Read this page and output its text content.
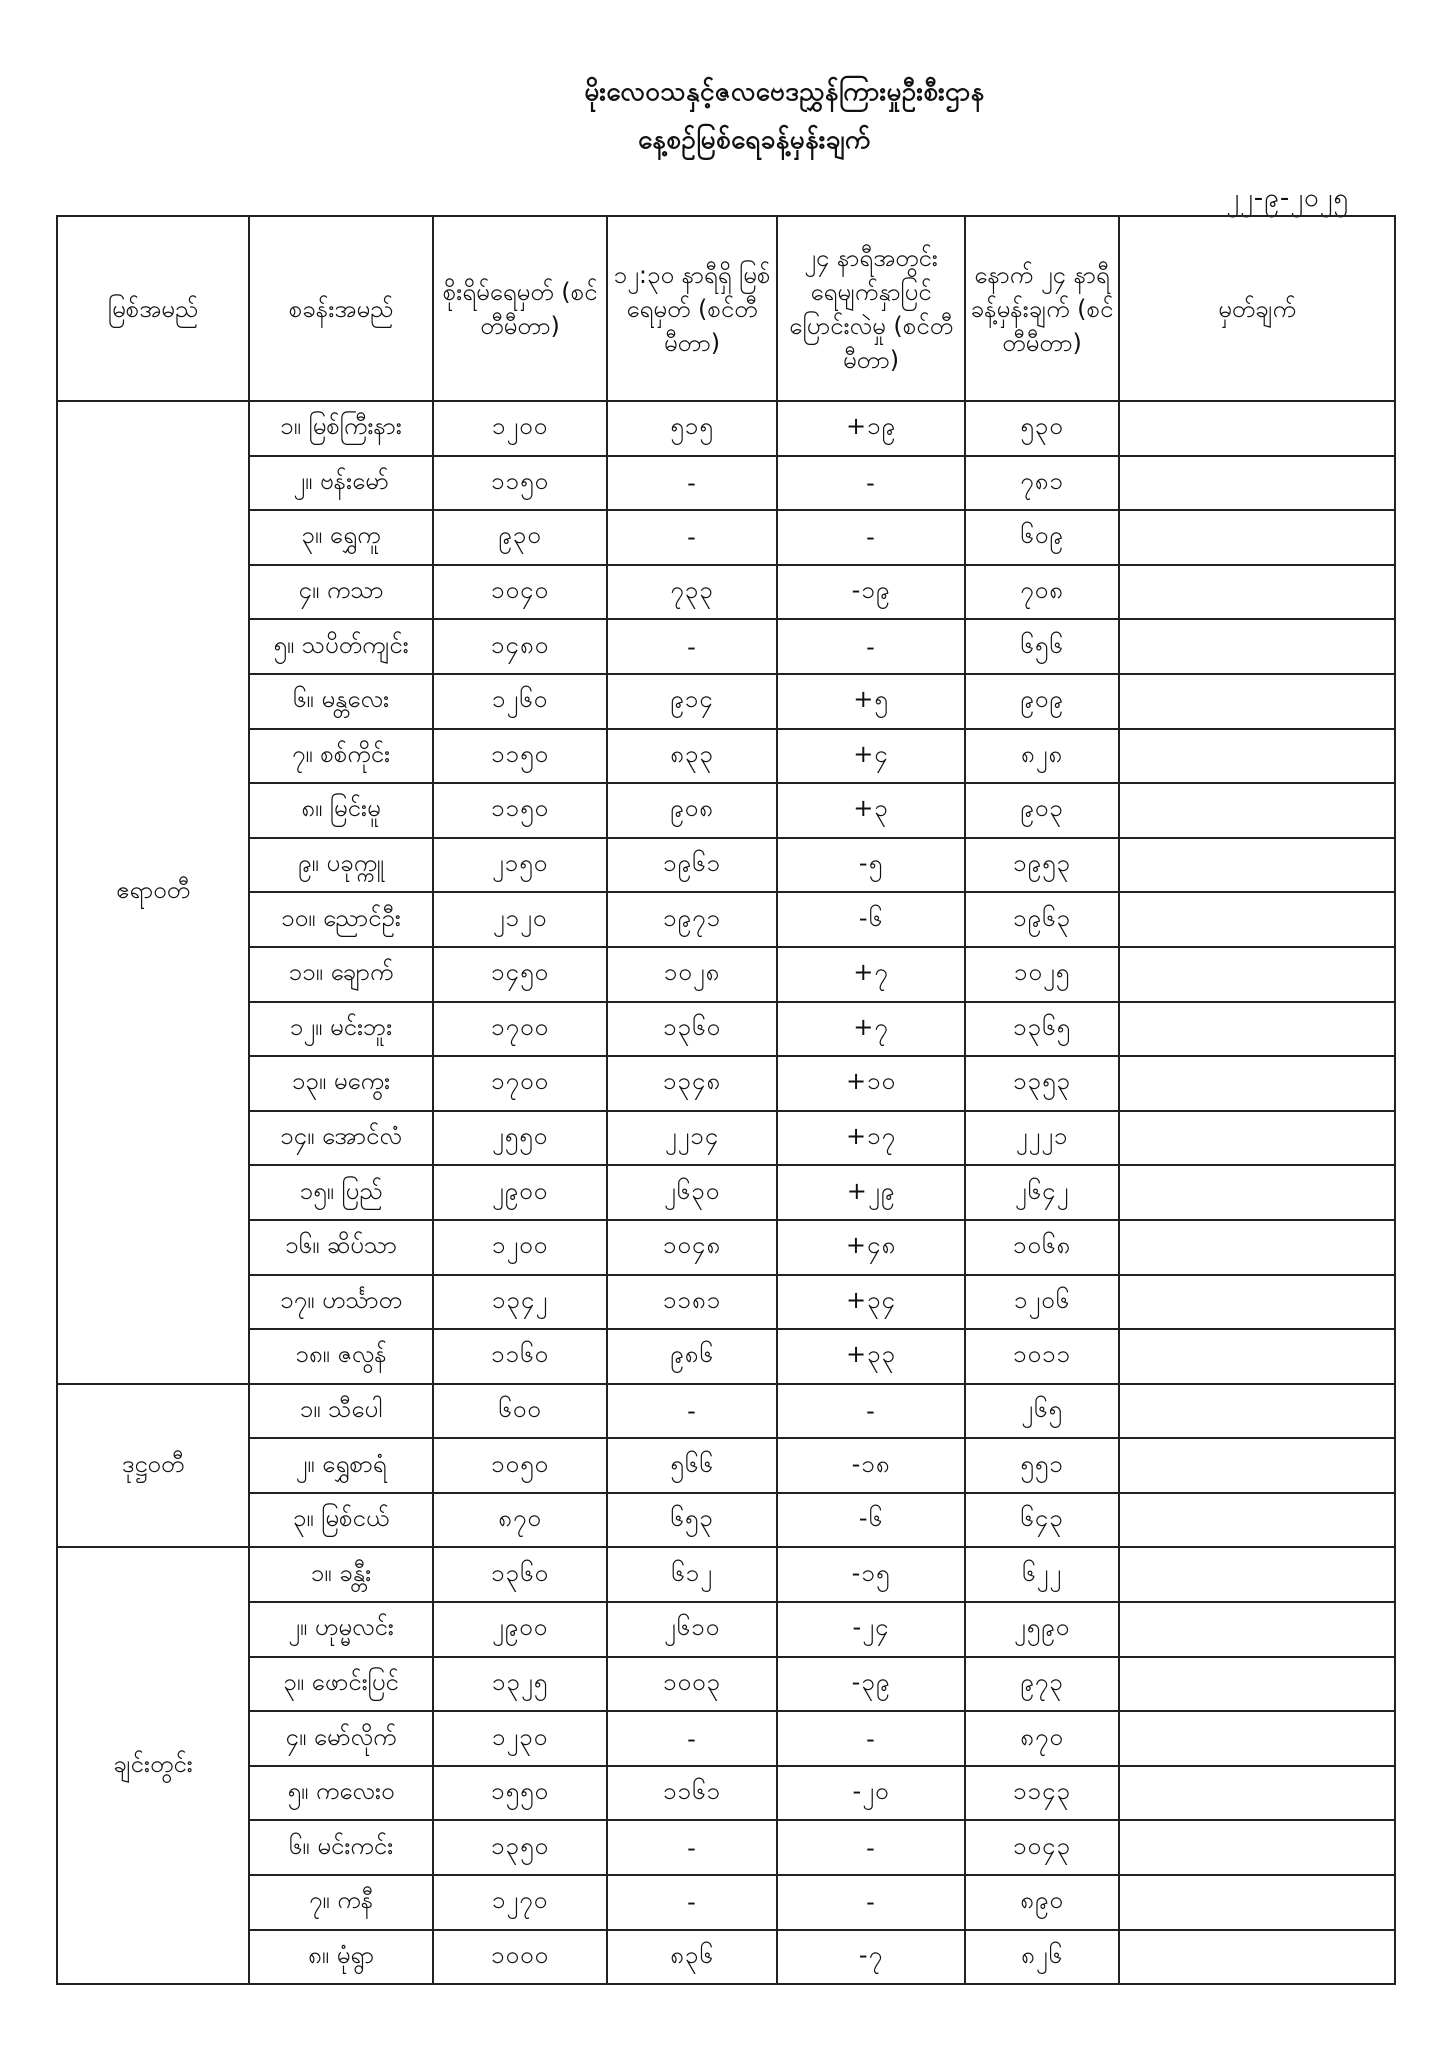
မိုးလေဝသနှင့်ဇလဗေဒညွှန်ကြားမှုဦးစီးဌာန
နေ့စဉ်မြစ်ရေခန့်မှန်းချက်
၂၂-၉-၂၀၂၅
မြစ်အမည်	စခန်းအမည်	စိုးရိမ်ရေမှတ် (စင်တီမီတာ)	၁၂:၃၀ နာရီရှိ မြစ်ရေမှတ် (စင်တီမီတာ)	၂၄ နာရီအတွင်း ရေမျက်နှာပြင် ပြောင်းလဲမှု (စင်တီမီတာ)	နောက် ၂၄ နာရီ ခန့်မှန်းချက် (စင်တီမီတာ)	မှတ်ချက်
ဧရာဝတီ	၁။ မြစ်ကြီးနား	၁၂၀၀	၅၁၅	+၁၉	၅၃၀	
	၂။ ဗန်းမော်	၁၁၅၀	-	-	၇၈၁	
	၃။ ရွှေကူ	၉၃၀	-	-	၆၀၉	
	၄။ ကသာ	၁၀၄၀	၇၃၃	-၁၉	၇၀၈	
	၅။ သပိတ်ကျင်း	၁၄၈၀	-	-	၆၅၆	
	၆။ မန္တလေး	၁၂၆၀	၉၁၄	+၅	၉၀၉	
	၇။ စစ်ကိုင်း	၁၁၅၀	၈၃၃	+၄	၈၂၈	
	၈။ မြင်းမူ	၁၁၅၀	၉၀၈	+၃	၉၀၃	
	၉။ ပခုက္ကူ	၂၁၅၀	၁၉၆၁	-၅	၁၉၅၃	
	၁၀။ ညောင်ဦး	၂၁၂၀	၁၉၇၁	-၆	၁၉၆၃	
	၁၁။ ချောက်	၁၄၅၀	၁၀၂၈	+၇	၁၀၂၅	
	၁၂။ မင်းဘူး	၁၇၀၀	၁၃၆၀	+၇	၁၃၆၅	
	၁၃။ မကွေး	၁၇၀၀	၁၃၄၈	+၁၀	၁၃၅၃	
	၁၄။ အောင်လံ	၂၅၅၀	၂၂၁၄	+၁၇	၂၂၂၁	
	၁၅။ ပြည်	၂၉၀၀	၂၆၃၀	+၂၉	၂၆၄၂	
	၁၆။ ဆိပ်သာ	၁၂၀၀	၁၀၄၈	+၄၈	၁၀၆၈	
	၁၇။ ဟင်္သာတ	၁၃၄၂	၁၁၈၁	+၃၄	၁၂၀၆	
	၁၈။ ဇလွန်	၁၁၆၀	၉၈၆	+၃၃	၁၀၁၁	
ဒုဋ္ဌဝတီ	၁။ သီပေါ	၆၀၀	-	-	၂၆၅	
	၂။ ရွှေစာရံ	၁၀၅၀	၅၆၆	-၁၈	၅၅၁	
	၃။ မြစ်ငယ်	၈၇၀	၆၅၃	-၆	၆၄၃	
ချင်းတွင်း	၁။ ခန္တီး	၁၃၆၀	၆၁၂	-၁၅	၆၂၂	
	၂။ ဟုမ္မလင်း	၂၉၀၀	၂၆၁၀	-၂၄	၂၅၉၀	
	၃။ ဖောင်းပြင်	၁၃၂၅	၁၀၀၃	-၃၉	၉၇၃	
	၄။ မော်လိုက်	၁၂၃၀	-	-	၈၇၀	
	၅။ ကလေးဝ	၁၅၅၀	၁၁၆၁	-၂၀	၁၁၄၃	
	၆။ မင်းကင်း	၁၃၅၀	-	-	၁၀၄၃	
	၇။ ကနီ	၁၂၇၀	-	-	၈၉၀	
	၈။ မုံရွာ	၁၀၀၀	၈၃၆	-၇	၈၂၆	
